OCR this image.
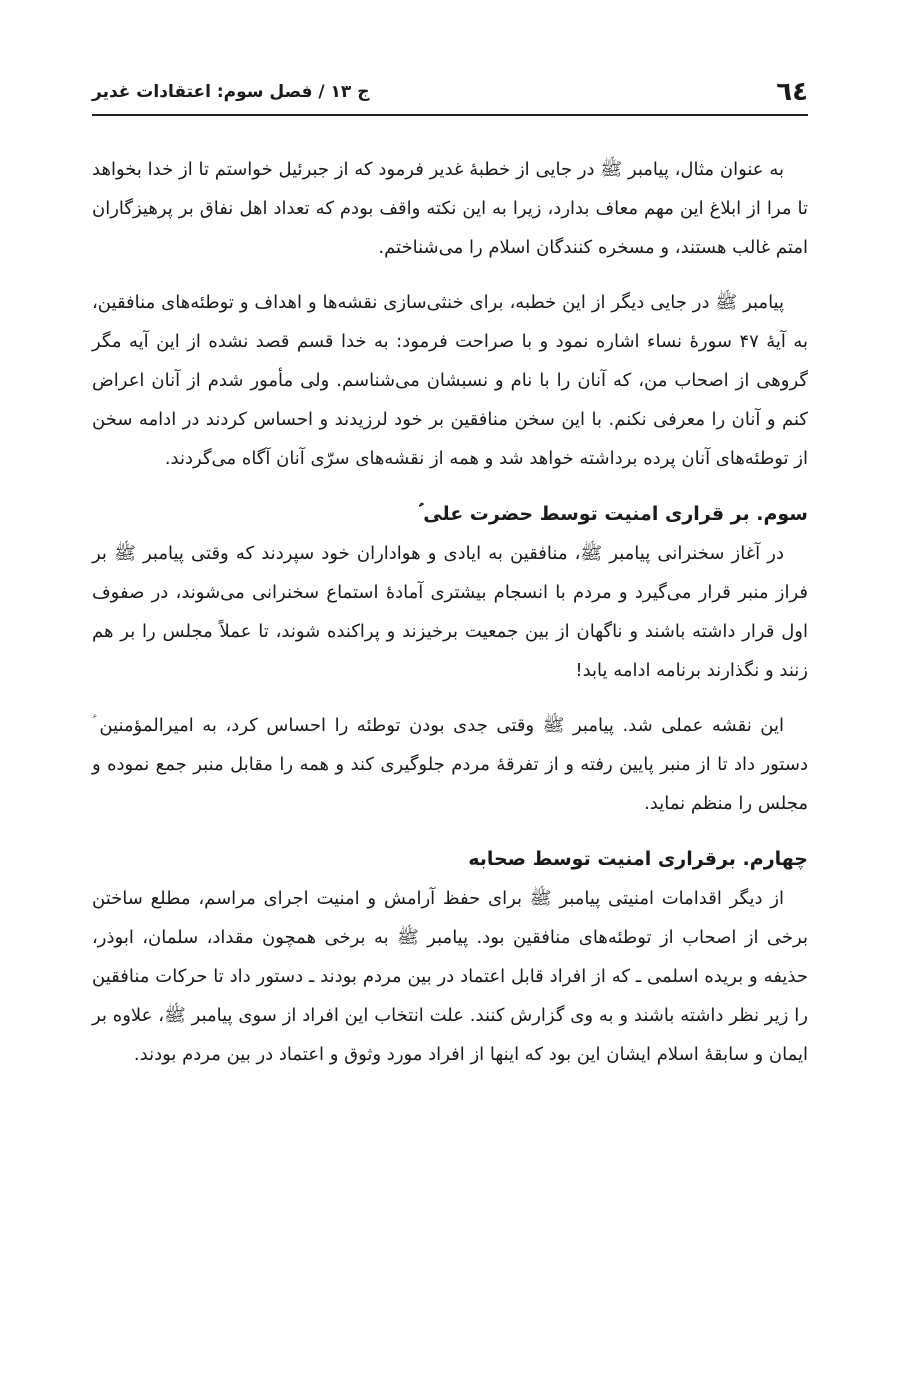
٦٤
ج ١٣ / فصل سوم: اعتقادات غدیر

به عنوان مثال، پیامبر ﷺ در جایی از خطبهٔ غدیر فرمود که از جبرئیل خواستم تا از خدا بخواهد تا مرا از ابلاغ این مهم معاف بدارد، زیرا به این نکته واقف بودم که تعداد اهل نفاق بر پرهیزگاران امتم غالب هستند، و مسخره کنندگان اسلام را می‌شناختم.

پیامبر ﷺ در جایی دیگر از این خطبه، برای خنثی‌سازی نقشه‌ها و اهداف و توطئه‌های منافقین، به آیهٔ ۴۷ سورهٔ نساء اشاره نمود و با صراحت فرمود: به خدا قسم قصد نشده از این آیه مگر گروهی از اصحاب من، که آنان را با نام و نسبشان می‌شناسم. ولی مأمور شدم از آنان اعراض کنم و آنان را معرفی نکنم. با این سخن منافقین بر خود لرزیدند و احساس کردند در ادامه سخن از توطئه‌های آنان پرده برداشته خواهد شد و همه از نقشه‌های سرّی آنان آگاه می‌گردند.

سوم. بر قراری امنیت توسط حضرت علی ؑ

در آغاز سخنرانی پیامبر ﷺ، منافقین به ایادی و هواداران خود سپردند که وقتی پیامبر ﷺ بر فراز منبر قرار می‌گیرد و مردم با انسجام بیشتری آمادهٔ استماع سخنرانی می‌شوند، در صفوف اول قرار داشته باشند و ناگهان از بین جمعیت برخیزند و پراکنده شوند، تا عملاً مجلس را بر هم زنند و نگذارند برنامه ادامه یابد!

این نقشه عملی شد. پیامبر ﷺ وقتی جدی بودن توطئه را احساس کرد، به امیرالمؤمنین ؑ دستور داد تا از منبر پایین رفته و از تفرقهٔ مردم جلوگیری کند و همه را مقابل منبر جمع نموده و مجلس را منظم نماید.

چهارم. برقراری امنیت توسط صحابه

از دیگر اقدامات امنیتی پیامبر ﷺ برای حفظ آرامش و امنیت اجرای مراسم، مطلع ساختن برخی از اصحاب از توطئه‌های منافقین بود. پیامبر ﷺ به برخی همچون مقداد، سلمان، ابوذر، حذیفه و بریده اسلمی ـ که از افراد قابل اعتماد در بین مردم بودند ـ دستور داد تا حرکات منافقین را زیر نظر داشته باشند و به وی گزارش کنند. علت انتخاب این افراد از سوی پیامبر ﷺ، علاوه بر ایمان و سابقهٔ اسلام ایشان این بود که اینها از افراد مورد وثوق و اعتماد در بین مردم بودند.
